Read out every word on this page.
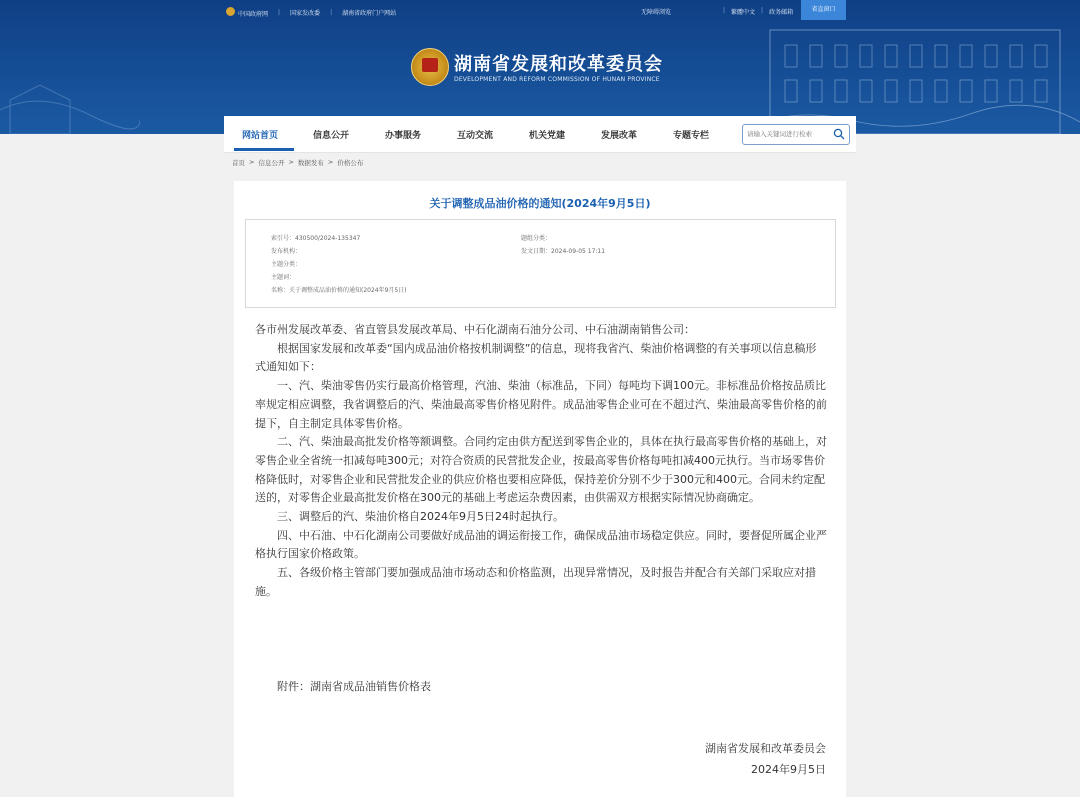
中国政府网 | 国家发改委 | 湖南省政府门户网站	无障碍浏览	| 繁體中文 | 政务邮箱	省直窗口
湖南省发展和改革委员会
DEVELOPMENT AND REFORM COMMISSION OF HUNAN PROVINCE
网站首页	信息公开	办事服务	互动交流	机关党建	发展改革	专题专栏
请输入关键词进行检索
首页 > 信息公开 > 数据发布 > 价格公布
关于调整成品油价格的通知(2024年9月5日)
索引号：430500/2024-135347	题组分类：
发布机构：	发文日期：2024-09-05 17:11
主题分类：
主题词：
名称：关于调整成品油价格的通知(2024年9月5日)

各市州发展改革委、省直管县发展改革局、中石化湖南石油分公司、中石油湖南销售公司：

根据国家发展和改革委“国内成品油价格按机制调整”的信息，现将我省汽、柴油价格调整的有关事项以信息稿形式通知如下：

一、汽、柴油零售仍实行最高价格管理，汽油、柴油（标准品，下同）每吨均下调100元。非标准品价格按品质比率规定相应调整，我省调整后的汽、柴油最高零售价格见附件。成品油零售企业可在不超过汽、柴油最高零售价格的前提下，自主制定具体零售价格。

二、汽、柴油最高批发价格等额调整。合同约定由供方配送到零售企业的，具体在执行最高零售价格的基础上，对零售企业全省统一扣减每吨300元；对符合资质的民营批发企业，按最高零售价格每吨扣减400元执行。当市场零售价格降低时，对零售企业和民营批发企业的供应价格也要相应降低，保持差价分别不少于300元和400元。合同未约定配送的，对零售企业最高批发价格在300元的基础上考虑运杂费因素，由供需双方根据实际情况协商确定。

三、调整后的汽、柴油价格自2024年9月5日24时起执行。

四、中石油、中石化湖南公司要做好成品油的调运衔接工作，确保成品油市场稳定供应。同时，要督促所属企业严格执行国家价格政策。

五、各级价格主管部门要加强成品油市场动态和价格监测，出现异常情况，及时报告并配合有关部门采取应对措施。

附件：湖南省成品油销售价格表
湖南省发展和改革委员会
2024年9月5日
